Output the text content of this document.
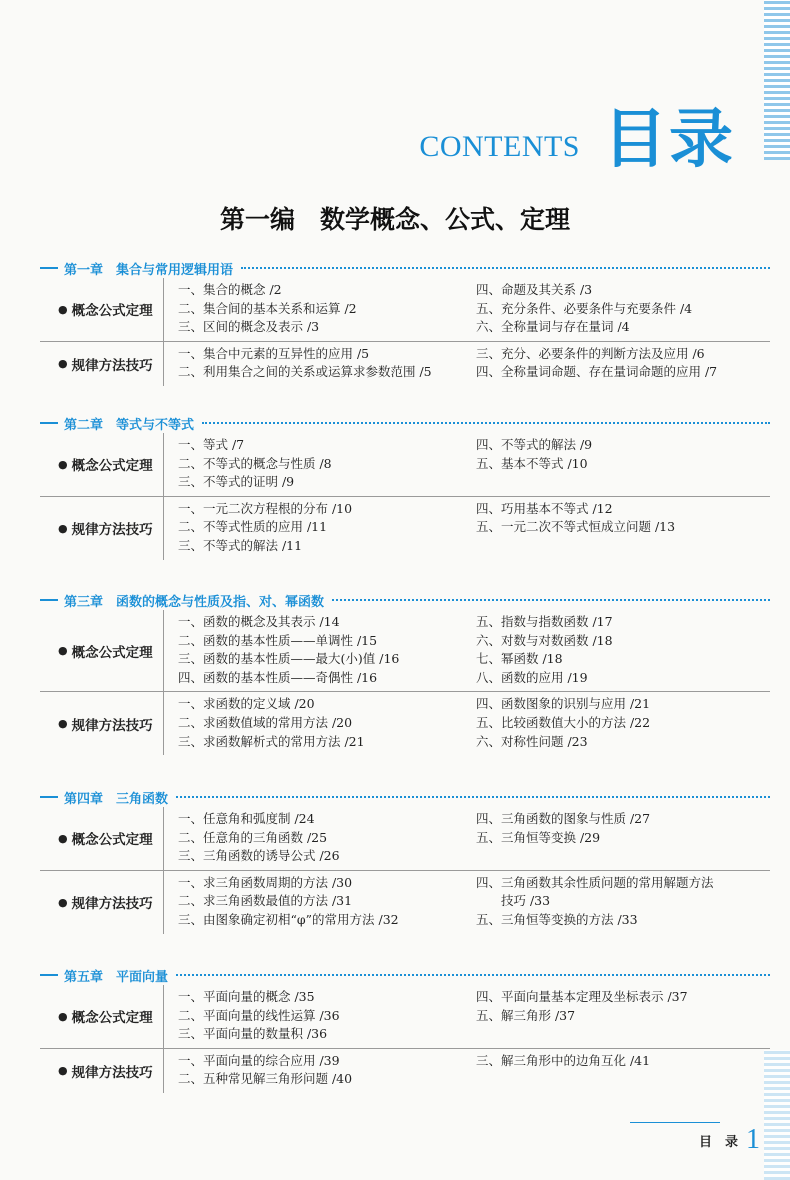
CONTENTS 目录
第一编　数学概念、公式、定理
第一章　集合与常用逻辑用语
● 概念公式定理
一、集合的概念 /2
二、集合间的基本关系和运算 /2
三、区间的概念及表示 /3
四、命题及其关系 /3
五、充分条件、必要条件与充要条件 /4
六、全称量词与存在量词 /4
● 规律方法技巧
一、集合中元素的互异性的应用 /5
二、利用集合之间的关系或运算求参数范围 /5
三、充分、必要条件的判断方法及应用 /6
四、全称量词命题、存在量词命题的应用 /7
第二章　等式与不等式
● 概念公式定理
一、等式 /7
二、不等式的概念与性质 /8
三、不等式的证明 /9
四、不等式的解法 /9
五、基本不等式 /10
● 规律方法技巧
一、一元二次方程根的分布 /10
二、不等式性质的应用 /11
三、不等式的解法 /11
四、巧用基本不等式 /12
五、一元二次不等式恒成立问题 /13
第三章　函数的概念与性质及指、对、幂函数
● 概念公式定理
一、函数的概念及其表示 /14
二、函数的基本性质——单调性 /15
三、函数的基本性质——最大(小)值 /16
四、函数的基本性质——奇偶性 /16
五、指数与指数函数 /17
六、对数与对数函数 /18
七、幂函数 /18
八、函数的应用 /19
● 规律方法技巧
一、求函数的定义域 /20
二、求函数值域的常用方法 /20
三、求函数解析式的常用方法 /21
四、函数图象的识别与应用 /21
五、比较函数值大小的方法 /22
六、对称性问题 /23
第四章　三角函数
● 概念公式定理
一、任意角和弧度制 /24
二、任意角的三角函数 /25
三、三角函数的诱导公式 /26
四、三角函数的图象与性质 /27
五、三角恒等变换 /29
● 规律方法技巧
一、求三角函数周期的方法 /30
二、求三角函数最值的方法 /31
三、由图象确定初相“φ”的常用方法 /32
四、三角函数其余性质问题的常用解题方法
　　技巧 /33
五、三角恒等变换的方法 /33
第五章　平面向量
● 概念公式定理
一、平面向量的概念 /35
二、平面向量的线性运算 /36
三、平面向量的数量积 /36
四、平面向量基本定理及坐标表示 /37
五、解三角形 /37
● 规律方法技巧
一、平面向量的综合应用 /39
二、五种常见解三角形问题 /40
三、解三角形中的边角互化 /41
目　录 1
